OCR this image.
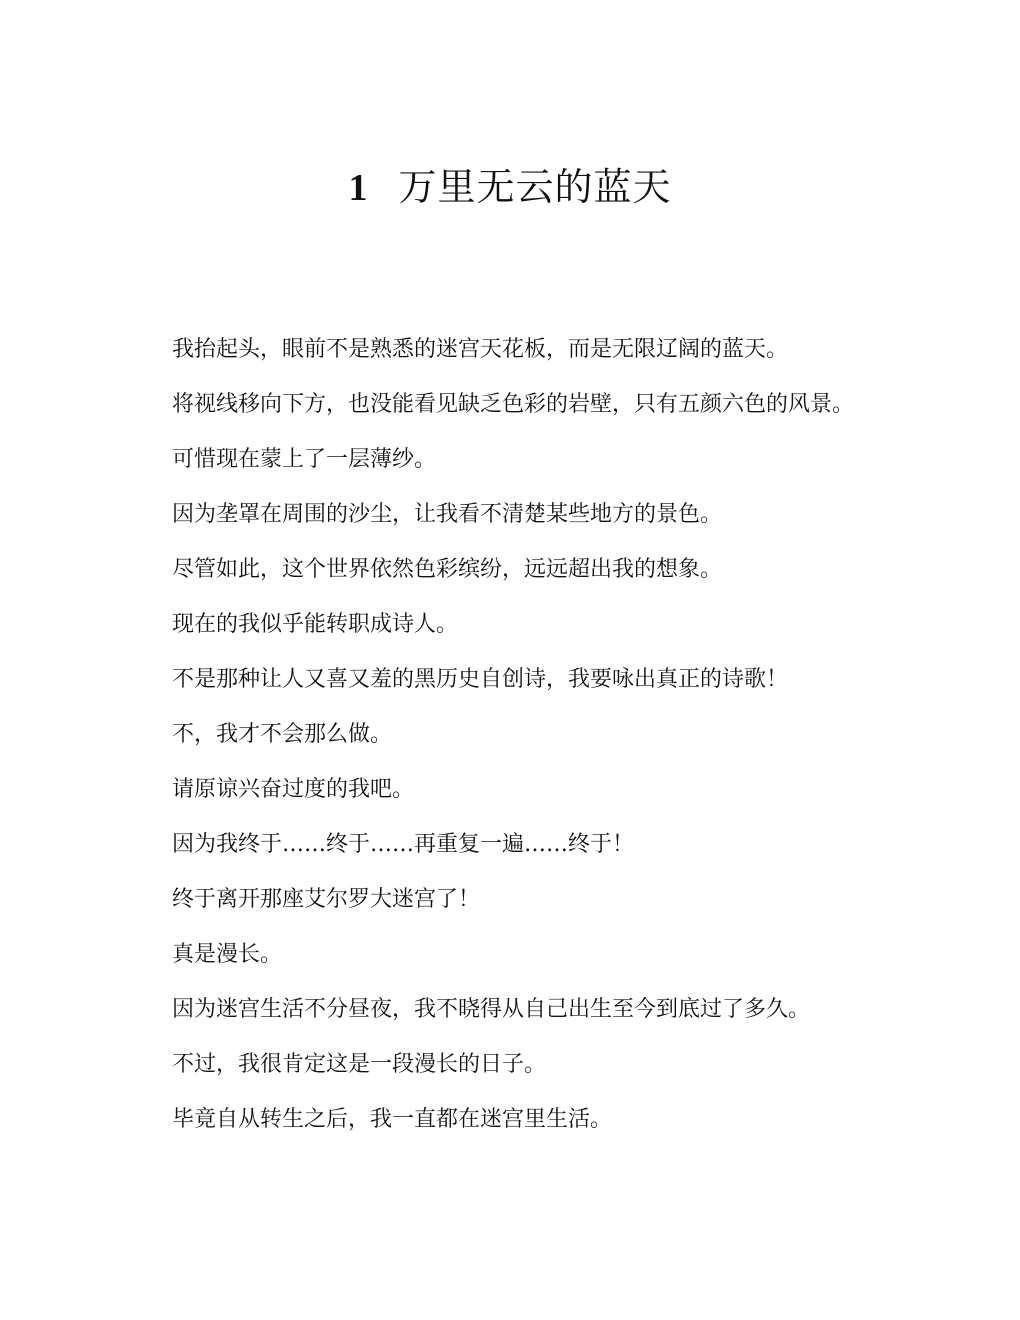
1 万里无云的蓝天

我抬起头，眼前不是熟悉的迷宫天花板，而是无限辽阔的蓝天。

将视线移向下方，也没能看见缺乏色彩的岩壁，只有五颜六色的风景。

可惜现在蒙上了一层薄纱。

因为垄罩在周围的沙尘，让我看不清楚某些地方的景色。

尽管如此，这个世界依然色彩缤纷，远远超出我的想象。

现在的我似乎能转职成诗人。

不是那种让人又喜又羞的黑历史自创诗，我要咏出真正的诗歌！

不，我才不会那么做。

请原谅兴奋过度的我吧。

因为我终于……终于……再重复一遍……终于！

终于离开那座艾尔罗大迷宫了！

真是漫长。

因为迷宫生活不分昼夜，我不晓得从自己出生至今到底过了多久。

不过，我很肯定这是一段漫长的日子。

毕竟自从转生之后，我一直都在迷宫里生活。
